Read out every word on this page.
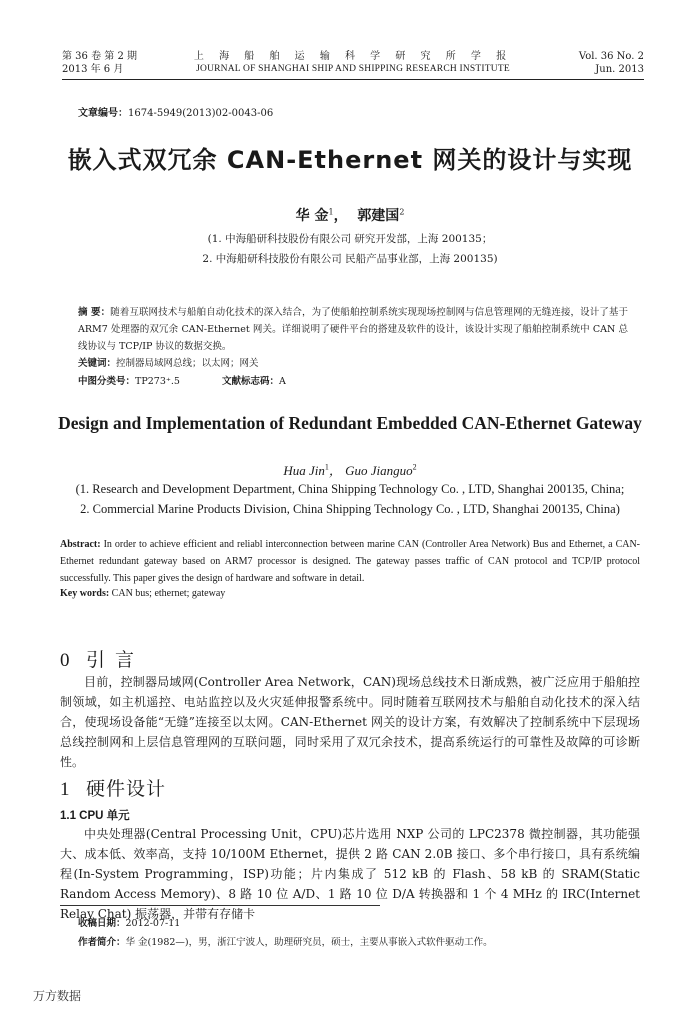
第 36 卷 第 2 期
2013 年 6 月
上 海 船 舶 运 输 科 学 研 究 所 学 报
JOURNAL OF SHANGHAI SHIP AND SHIPPING RESEARCH INSTITUTE
Vol. 36 No. 2
Jun. 2013
文章编号：1674-5949(2013)02-0043-06
嵌入式双冗余 CAN-Ethernet 网关的设计与实现
华 金$^1$， 郭建国$^2$
(1. 中海船研科技股份有限公司 研究开发部，上海 200135；
2. 中海船研科技股份有限公司 民船产品事业部，上海 200135)
摘 要：随着互联网技术与船舶自动化技术的深入结合，为了使船舶控制系统实现现场控制网与信息管理网的无缝连接，设计了基于 ARM7 处理器的双冗余 CAN-Ethernet 网关。详细说明了硬件平台的搭建及软件的设计，该设计实现了船舶控制系统中 CAN 总线协议与 TCP/IP 协议的数据交换。
关键词：控制器局域网总线；以太网；网关
中图分类号：TP273⁺.5	文献标志码：A
Design and Implementation of Redundant Embedded CAN-Ethernet Gateway
Hua Jin$^1$， Guo Jianguo$^2$
(1. Research and Development Department, China Shipping Technology Co. , LTD, Shanghai 200135, China;
2. Commercial Marine Products Division, China Shipping Technology Co. , LTD, Shanghai 200135, China)
Abstract: In order to achieve efficient and reliabl interconnection between marine CAN (Controller Area Network) Bus and Ethernet, a CAN-Ethernet redundant gateway based on ARM7 processor is designed. The gateway passes traffic of CAN protocol and TCP/IP protocol successfully. This paper gives the design of hardware and software in detail.
Key words: CAN bus; ethernet; gateway
0 引言

目前，控制器局域网(Controller Area Network，CAN)现场总线技术日渐成熟，被广泛应用于船舶控制领域，如主机遥控、电站监控以及火灾延伸报警系统中。同时随着互联网技术与船舶自动化技术的深入结合，使现场设备能“无缝”连接至以太网。CAN-Ethernet 网关的设计方案，有效解决了控制系统中下层现场总线控制网和上层信息管理网的互联问题，同时采用了双冗余技术，提高系统运行的可靠性及故障的可诊断性。

1 硬件设计
1.1 CPU 单元

中央处理器(Central Processing Unit，CPU)芯片选用 NXP 公司的 LPC2378 微控制器，其功能强大、成本低、效率高，支持 10/100M Ethernet，提供 2 路 CAN 2.0B 接口、多个串行接口，具有系统编程(In-System Programming，ISP)功能；片内集成了 512 kB 的 Flash、58 kB 的 SRAM(Static Random Access Memory)、8 路 10 位 A/D、1 路 10 位 D/A 转换器和 1 个 4 MHz 的 IRC(Internet Relay Chat) 振荡器，并带有存储卡

收稿日期：2012-07-11
作者简介：华 金(1982—)，男，浙江宁波人，助理研究员，硕士，主要从事嵌入式软件驱动工作。
万方数据
